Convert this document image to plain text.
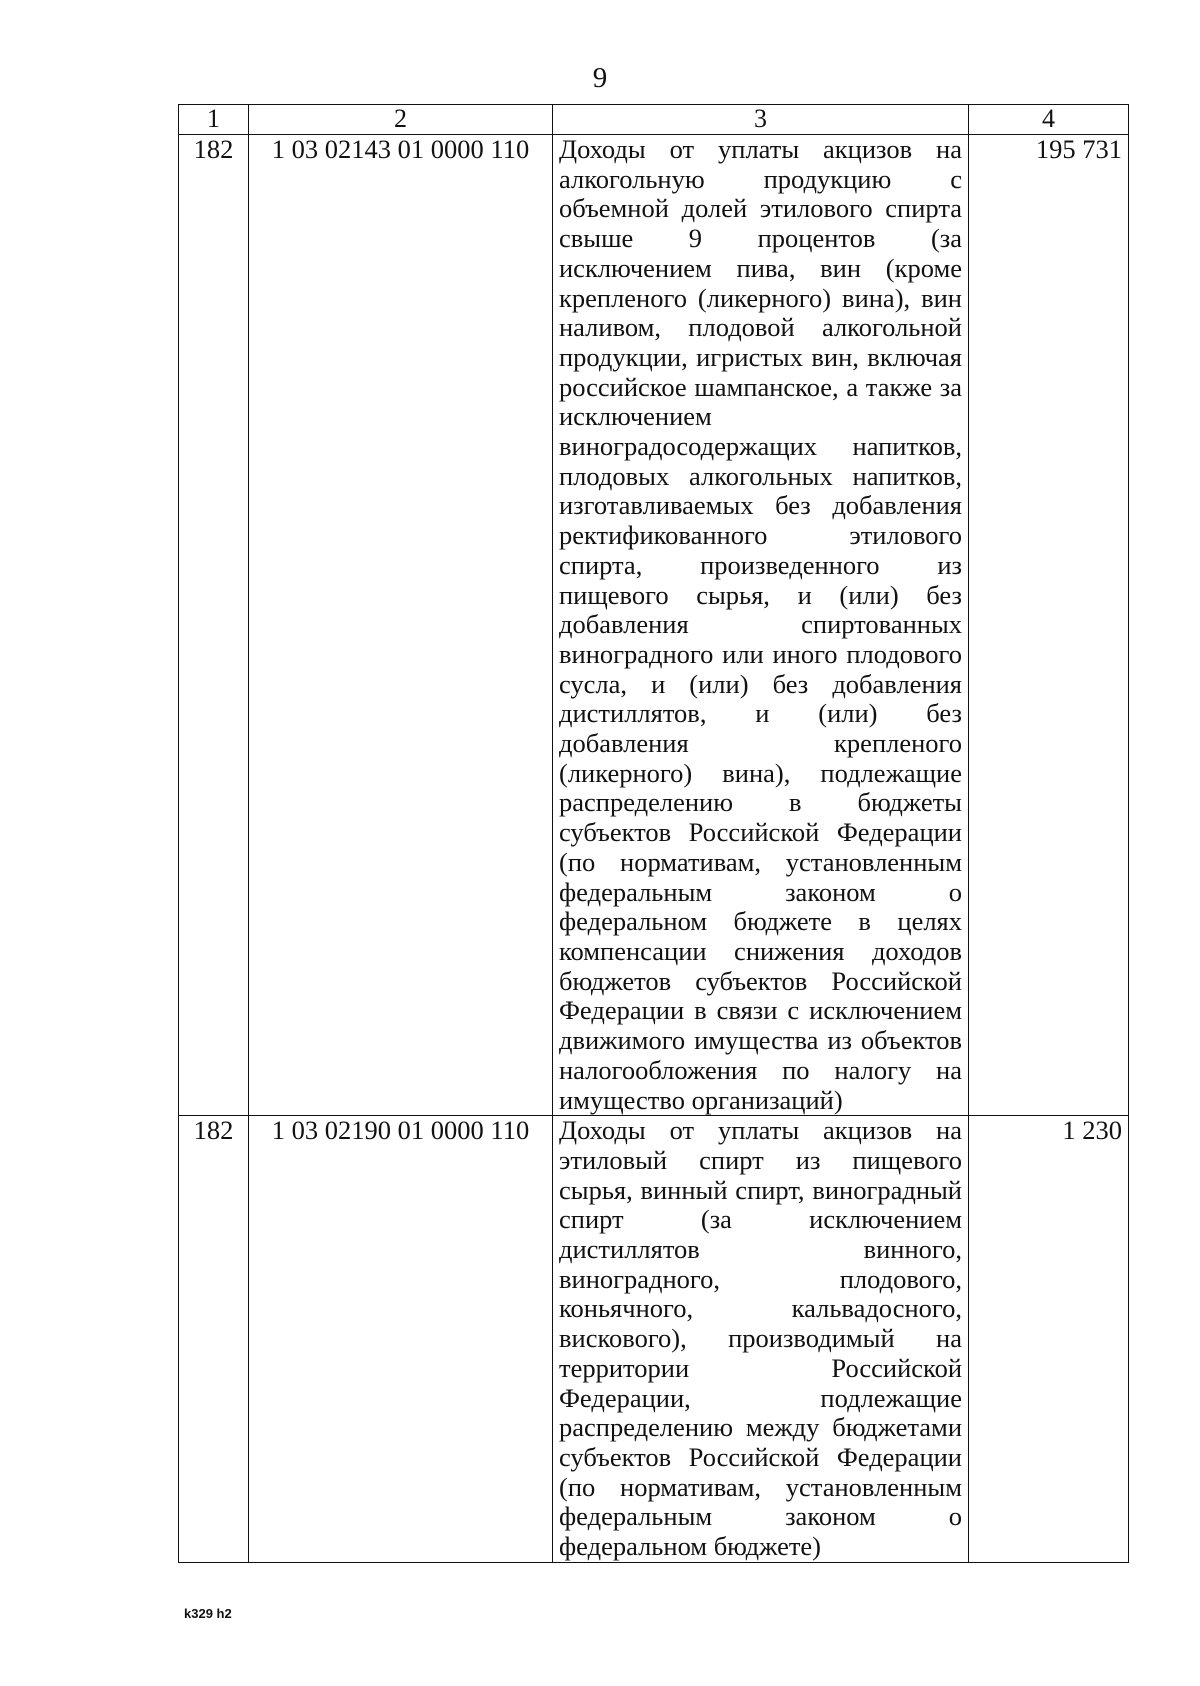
9
1	2	3	4
182	1 03 02143 01 0000 110	Доходы от уплаты акцизов на алкогольную продукцию с объемной долей этилового спирта свыше 9 процентов (за исключением пива, вин (кроме крепленого (ликерного) вина), вин наливом, плодовой алкогольной продукции, игристых вин, включая российское шампанское, а также за исключением виноградосодержащих напитков, плодовых алкогольных напитков, изготавливаемых без добавления ректификованного этилового спирта, произведенного из пищевого сырья, и (или) без добавления спиртованных виноградного или иного плодового сусла, и (или) без добавления дистиллятов, и (или) без добавления крепленого (ликерного) вина), подлежащие распределению в бюджеты субъектов Российской Федерации (по нормативам, установленным федеральным законом о федеральном бюджете в целях компенсации снижения доходов бюджетов субъектов Российской Федерации в связи с исключением движимого имущества из объектов налогообложения по налогу на имущество организаций)	195 731
182	1 03 02190 01 0000 110	Доходы от уплаты акцизов на этиловый спирт из пищевого сырья, винный спирт, виноградный спирт (за исключением дистиллятов винного, виноградного, плодового, коньячного, кальвадосного, вискового), производимый на территории Российской Федерации, подлежащие распределению между бюджетами субъектов Российской Федерации (по нормативам, установленным федеральным законом о федеральном бюджете)	1 230
k329 h2
